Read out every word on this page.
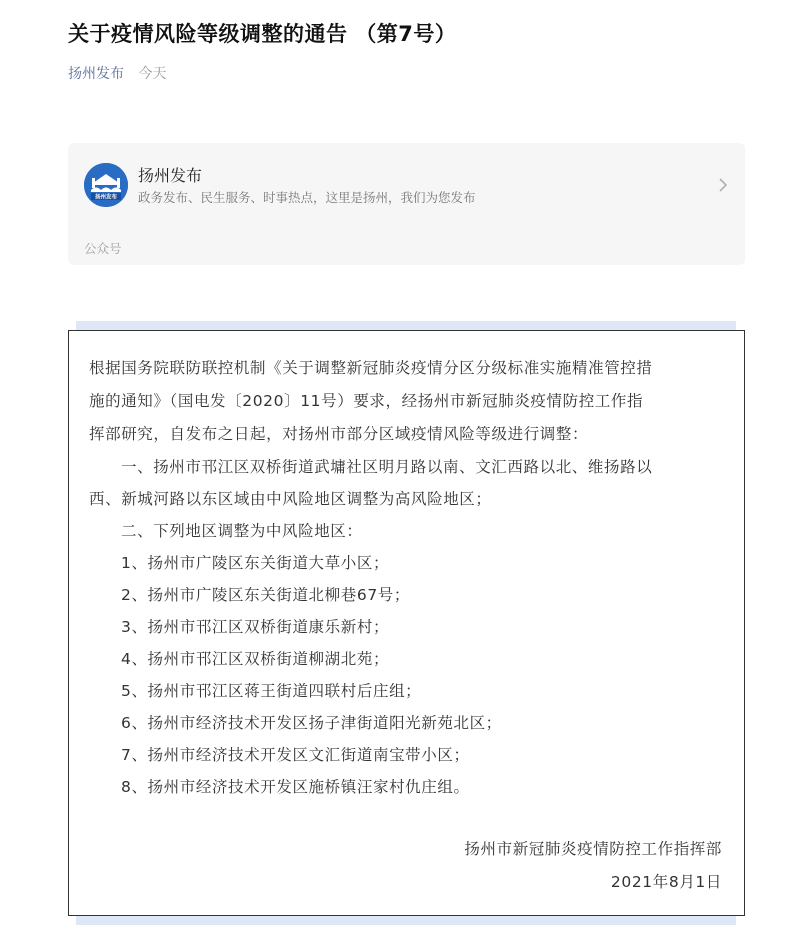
关于疫情风险等级调整的通告 （第7号）
扬州发布 今天
扬州发布
扬州发布
政务发布、民生服务、时事热点，这里是扬州，我们为您发布
公众号
根据国务院联防联控机制《关于调整新冠肺炎疫情分区分级标准实施精准管控措
施的通知》（国电发〔2020〕11号）要求，经扬州市新冠肺炎疫情防控工作指
挥部研究，自发布之日起，对扬州市部分区域疫情风险等级进行调整：
一、扬州市邗江区双桥街道武墉社区明月路以南、文汇西路以北、维扬路以
西、新城河路以东区域由中风险地区调整为高风险地区；
二、下列地区调整为中风险地区：
1、扬州市广陵区东关街道大草小区；
2、扬州市广陵区东关街道北柳巷67号；
3、扬州市邗江区双桥街道康乐新村；
4、扬州市邗江区双桥街道柳湖北苑；
5、扬州市邗江区蒋王街道四联村后庄组；
6、扬州市经济技术开发区扬子津街道阳光新苑北区；
7、扬州市经济技术开发区文汇街道南宝带小区；
8、扬州市经济技术开发区施桥镇汪家村仇庄组。
扬州市新冠肺炎疫情防控工作指挥部
2021年8月1日
